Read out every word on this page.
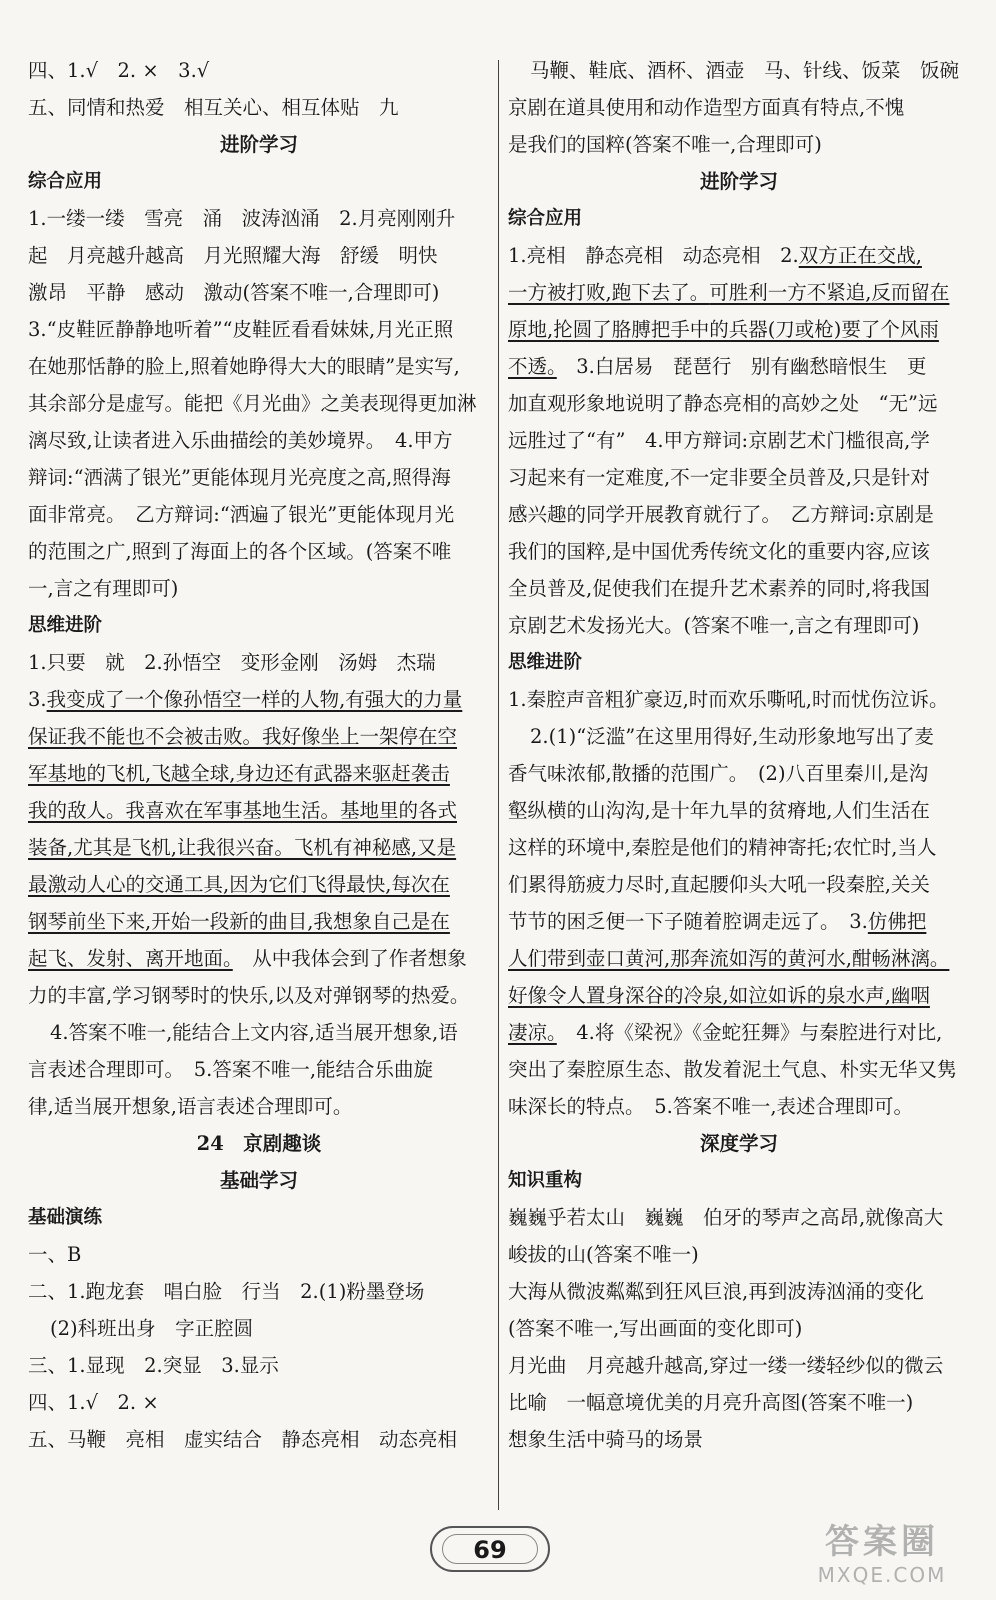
四、1.√　2. ×　3.√
五、同情和热爱　相互关心、相互体贴　九
进阶学习
综合应用
1.一缕一缕　雪亮　涌　波涛汹涌　2.月亮刚刚升
起　月亮越升越高　月光照耀大海　舒缓　明快
激昂　平静　感动　激动(答案不唯一,合理即可)
3.“皮鞋匠静静地听着”“皮鞋匠看看妹妹,月光正照
在她那恬静的脸上,照着她睁得大大的眼睛”是实写,
其余部分是虚写。能把《月光曲》之美表现得更加淋
漓尽致,让读者进入乐曲描绘的美妙境界。　4.甲方
辩词:“洒满了银光”更能体现月光亮度之高,照得海
面非常亮。　乙方辩词:“洒遍了银光”更能体现月光
的范围之广,照到了海面上的各个区域。(答案不唯
一,言之有理即可)
思维进阶
1.只要　就　2.孙悟空　变形金刚　汤姆　杰瑞
3.我变成了一个像孙悟空一样的人物,有强大的力量
保证我不能也不会被击败。我好像坐上一架停在空
军基地的飞机,飞越全球,身边还有武器来驱赶袭击
我的敌人。我喜欢在军事基地生活。基地里的各式
装备,尤其是飞机,让我很兴奋。飞机有神秘感,又是
最激动人心的交通工具,因为它们飞得最快,每次在
钢琴前坐下来,开始一段新的曲目,我想象自己是在
起飞、发射、离开地面。　从中我体会到了作者想象
力的丰富,学习钢琴时的快乐,以及对弹钢琴的热爱。
4.答案不唯一,能结合上文内容,适当展开想象,语
言表述合理即可。　5.答案不唯一,能结合乐曲旋
律,适当展开想象,语言表述合理即可。
24　京剧趣谈
基础学习
基础演练
一、B
二、1.跑龙套　唱白脸　行当　2.(1)粉墨登场
(2)科班出身　字正腔圆
三、1.显现　2.突显　3.显示
四、1.√　2. ×
五、马鞭　亮相　虚实结合　静态亮相　动态亮相
马鞭、鞋底、酒杯、酒壶　马、针线、饭菜　饭碗
京剧在道具使用和动作造型方面真有特点,不愧
是我们的国粹(答案不唯一,合理即可)
进阶学习
综合应用
1.亮相　静态亮相　动态亮相　2.双方正在交战,
一方被打败,跑下去了。可胜利一方不紧追,反而留在
原地,抡圆了胳膊把手中的兵器(刀或枪)要了个风雨
不透。　3.白居易　琵琶行　别有幽愁暗恨生　更
加直观形象地说明了静态亮相的高妙之处　“无”远
远胜过了“有”　4.甲方辩词:京剧艺术门槛很高,学
习起来有一定难度,不一定非要全员普及,只是针对
感兴趣的同学开展教育就行了。　乙方辩词:京剧是
我们的国粹,是中国优秀传统文化的重要内容,应该
全员普及,促使我们在提升艺术素养的同时,将我国
京剧艺术发扬光大。(答案不唯一,言之有理即可)
思维进阶
1.秦腔声音粗犷豪迈,时而欢乐嘶吼,时而忧伤泣诉。
2.(1)“泛滥”在这里用得好,生动形象地写出了麦
香气味浓郁,散播的范围广。　(2)八百里秦川,是沟
壑纵横的山沟沟,是十年九旱的贫瘠地,人们生活在
这样的环境中,秦腔是他们的精神寄托;农忙时,当人
们累得筋疲力尽时,直起腰仰头大吼一段秦腔,关关
节节的困乏便一下子随着腔调走远了。　3.仿佛把
人们带到壶口黄河,那奔流如泻的黄河水,酣畅淋漓。
好像令人置身深谷的冷泉,如泣如诉的泉水声,幽咽
凄凉。　4.将《梁祝》《金蛇狂舞》与秦腔进行对比,
突出了秦腔原生态、散发着泥土气息、朴实无华又隽
味深长的特点。　5.答案不唯一,表述合理即可。
深度学习
知识重构
巍巍乎若太山　巍巍　伯牙的琴声之高昂,就像高大
峻拔的山(答案不唯一)
大海从微波粼粼到狂风巨浪,再到波涛汹涌的变化
(答案不唯一,写出画面的变化即可)
月光曲　月亮越升越高,穿过一缕一缕轻纱似的微云
比喻　一幅意境优美的月亮升高图(答案不唯一)
想象生活中骑马的场景
69	答案圈
MXQE.COM
